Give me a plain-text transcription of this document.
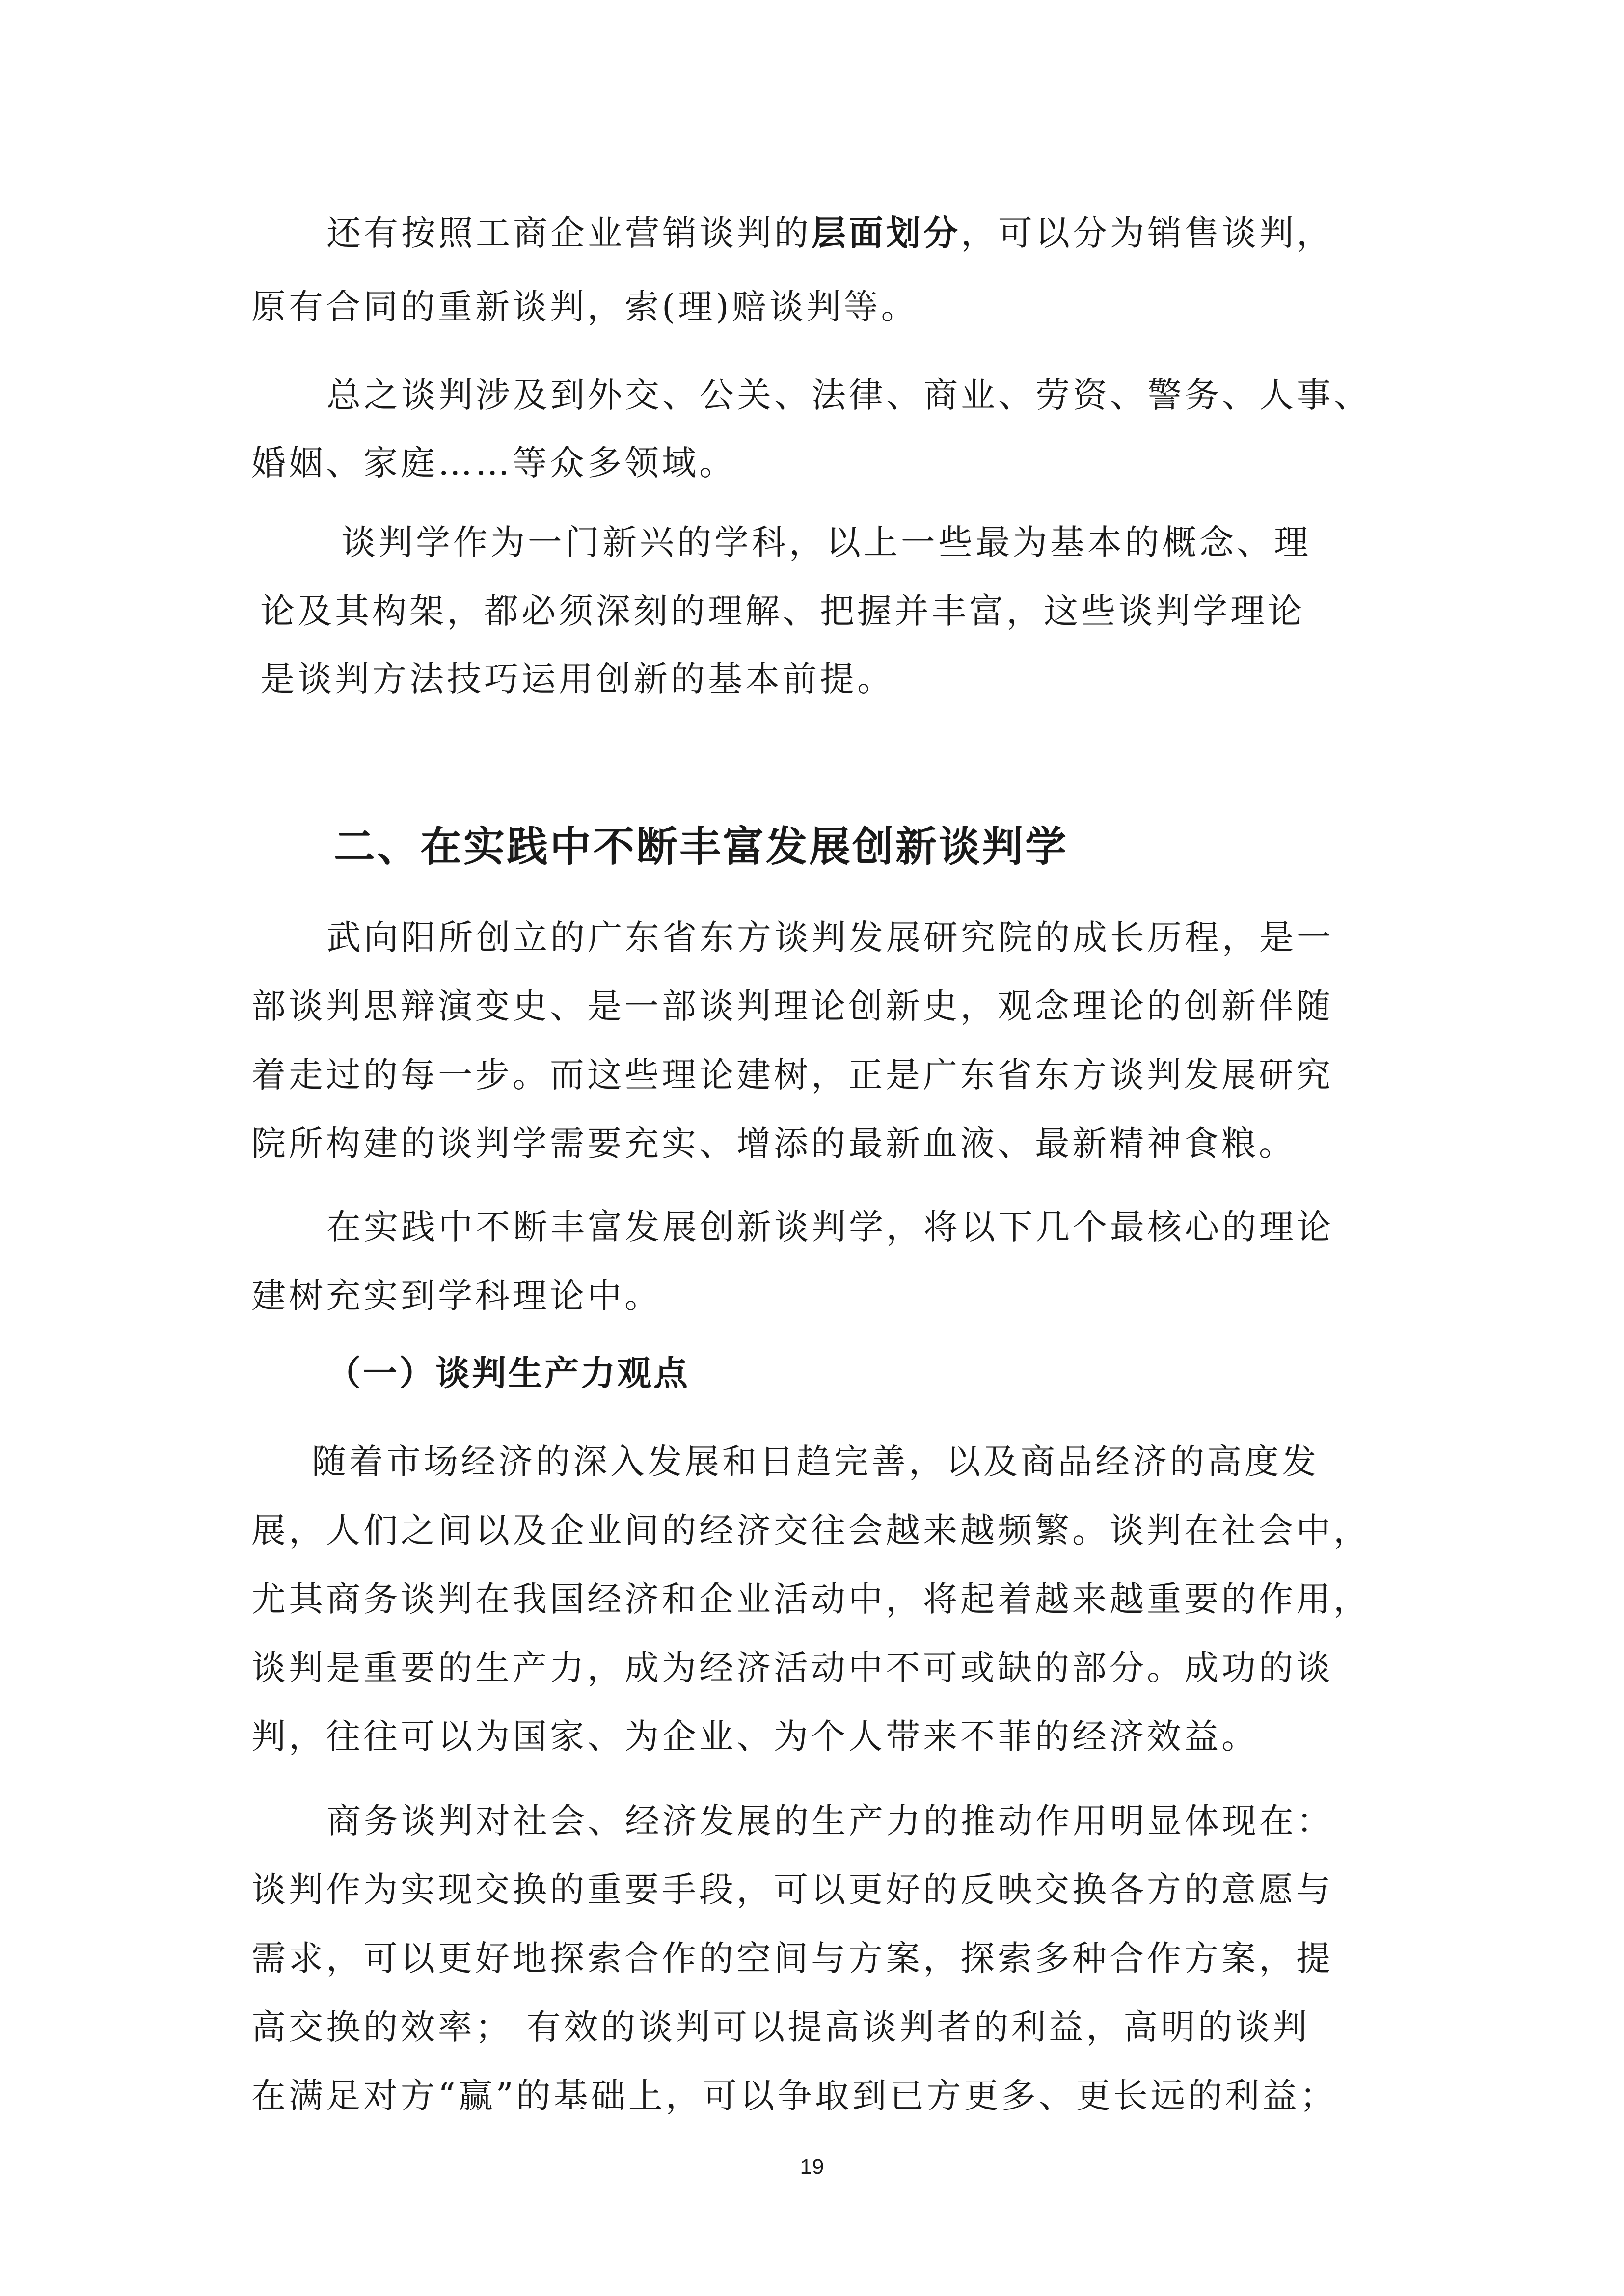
还有按照工商企业营销谈判的层面划分，可以分为销售谈判，
原有合同的重新谈判，索(理)赔谈判等。
总之谈判涉及到外交、公关、法律、商业、劳资、警务、人事、
婚姻、家庭……等众多领域。
谈判学作为一门新兴的学科，以上一些最为基本的概念、理
论及其构架，都必须深刻的理解、把握并丰富，这些谈判学理论
是谈判方法技巧运用创新的基本前提。
二、在实践中不断丰富发展创新谈判学
武向阳所创立的广东省东方谈判发展研究院的成长历程，是一
部谈判思辩演变史、是一部谈判理论创新史，观念理论的创新伴随
着走过的每一步。而这些理论建树，正是广东省东方谈判发展研究
院所构建的谈判学需要充实、增添的最新血液、最新精神食粮。
在实践中不断丰富发展创新谈判学，将以下几个最核心的理论
建树充实到学科理论中。
（一）谈判生产力观点
随着市场经济的深入发展和日趋完善，以及商品经济的高度发
展，人们之间以及企业间的经济交往会越来越频繁。谈判在社会中，
尤其商务谈判在我国经济和企业活动中，将起着越来越重要的作用，
谈判是重要的生产力，成为经济活动中不可或缺的部分。成功的谈
判，往往可以为国家、为企业、为个人带来不菲的经济效益。
商务谈判对社会、经济发展的生产力的推动作用明显体现在：
谈判作为实现交换的重要手段，可以更好的反映交换各方的意愿与
需求，可以更好地探索合作的空间与方案，探索多种合作方案，提
高交换的效率； 有效的谈判可以提高谈判者的利益，高明的谈判
在满足对方“赢”的基础上，可以争取到已方更多、更长远的利益；
19
